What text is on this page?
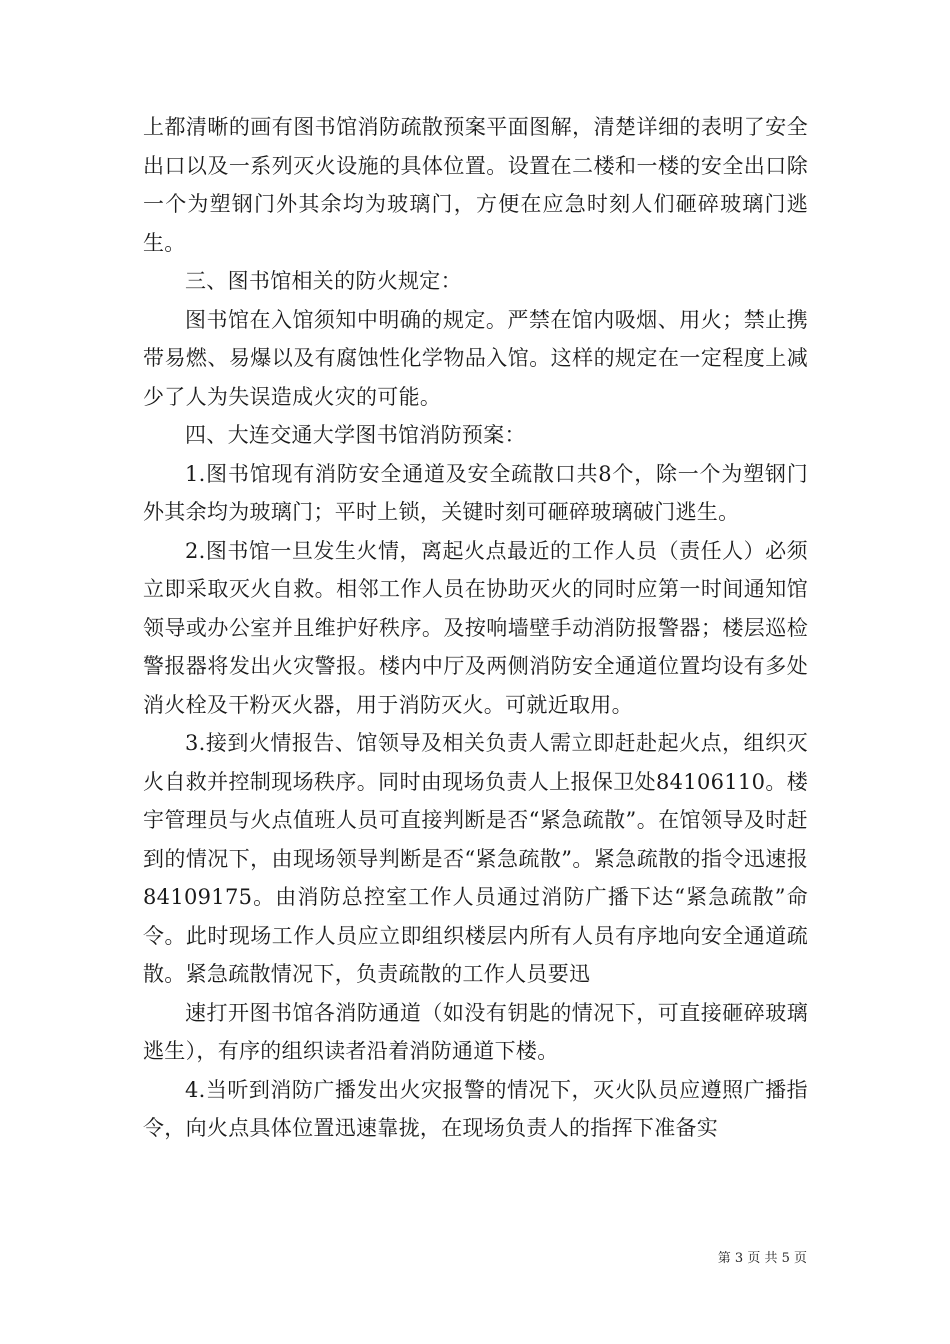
上都清晰的画有图书馆消防疏散预案平面图解，清楚详细的表明了安全出口以及一系列灭火设施的具体位置。设置在二楼和一楼的安全出口除一个为塑钢门外其余均为玻璃门，方便在应急时刻人们砸碎玻璃门逃生。

三、图书馆相关的防火规定：

图书馆在入馆须知中明确的规定。严禁在馆内吸烟、用火；禁止携带易燃、易爆以及有腐蚀性化学物品入馆。这样的规定在一定程度上减少了人为失误造成火灾的可能。

四、大连交通大学图书馆消防预案：

1.图书馆现有消防安全通道及安全疏散口共8个，除一个为塑钢门外其余均为玻璃门；平时上锁，关键时刻可砸碎玻璃破门逃生。

2.图书馆一旦发生火情，离起火点最近的工作人员（责任人）必须立即采取灭火自救。相邻工作人员在协助灭火的同时应第一时间通知馆领导或办公室并且维护好秩序。及按响墙壁手动消防报警器；楼层巡检警报器将发出火灾警报。楼内中厅及两侧消防安全通道位置均设有多处消火栓及干粉灭火器，用于消防灭火。可就近取用。

3.接到火情报告、馆领导及相关负责人需立即赶赴起火点，组织灭火自救并控制现场秩序。同时由现场负责人上报保卫处84106110。楼宇管理员与火点值班人员可直接判断是否“紧急疏散”。在馆领导及时赶到的情况下，由现场领导判断是否“紧急疏散”。紧急疏散的指令迅速报84109175。由消防总控室工作人员通过消防广播下达“紧急疏散”命令。此时现场工作人员应立即组织楼层内所有人员有序地向安全通道疏散。紧急疏散情况下，负责疏散的工作人员要迅

速打开图书馆各消防通道（如没有钥匙的情况下，可直接砸碎玻璃逃生），有序的组织读者沿着消防通道下楼。

4.当听到消防广播发出火灾报警的情况下，灭火队员应遵照广播指令，向火点具体位置迅速靠拢，在现场负责人的指挥下准备实

第 3 页 共 5 页
